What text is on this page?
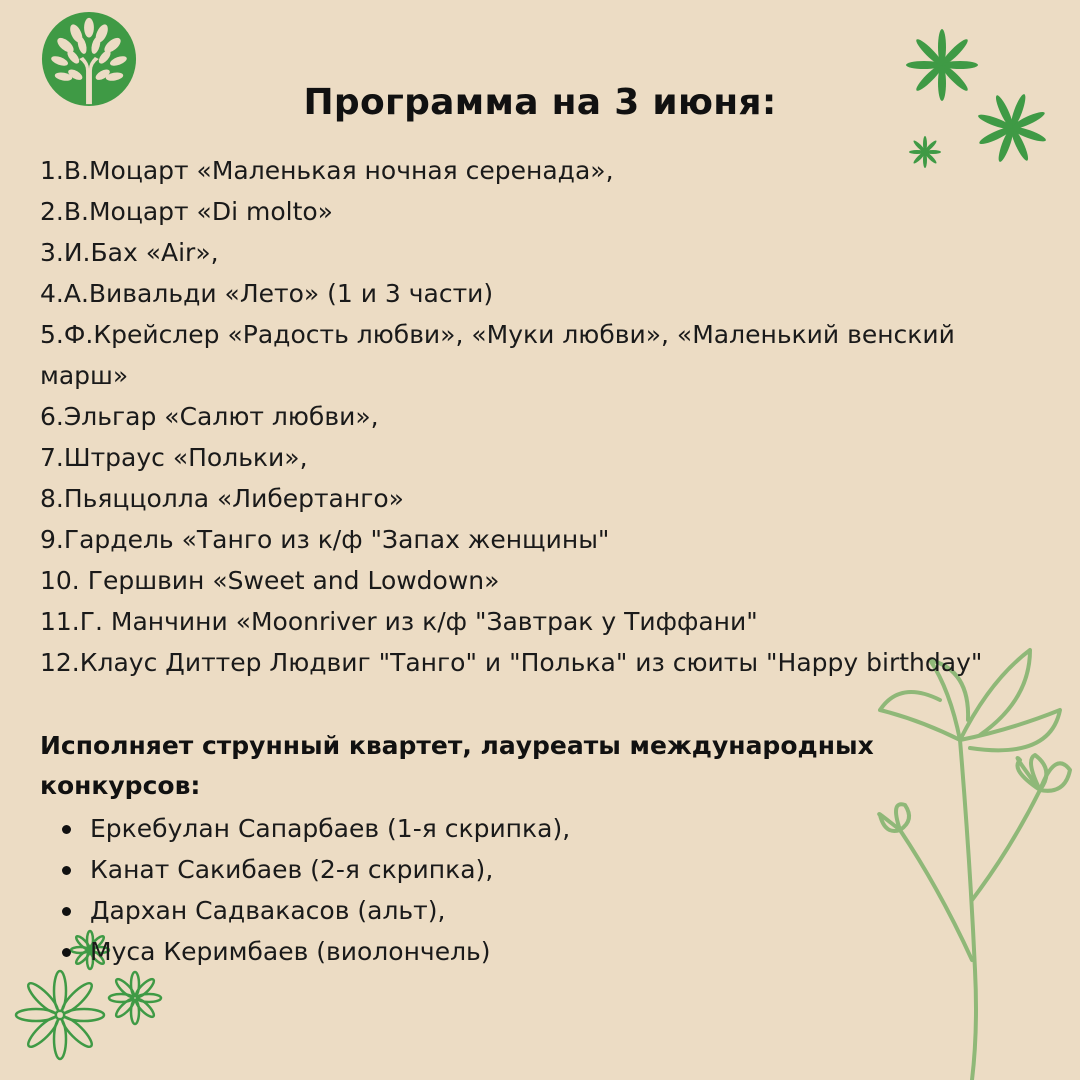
Программа на 3 июня:
1.В.Моцарт «Маленькая ночная серенада»,
2.В.Моцарт «Di molto»
3.И.Бах «Air»,
4.А.Вивальди «Лето» (1 и 3 части)
5.Ф.Крейслер «Радость любви», «Муки любви», «Маленький венский марш»
6.Эльгар «Салют любви»,
7.Штраус «Польки»,
8.Пьяццолла «Либертанго»
9.Гардель «Танго из к/ф "Запах женщины"
10. Гершвин «Sweet and Lowdown»
11.Г. Манчини «Moonriver из к/ф "Завтрак у Тиффани"
12.Клаус Диттер Людвиг "Танго" и "Полька" из сюиты "Happy birthday"

Исполняет струнный квартет, лауреаты международных конкурсов:

Еркебулан Сапарбаев (1-я скрипка),
Канат Сакибаев (2-я скрипка),
Дархан Садвакасов (альт),
Муса Керимбаев (виолончель)
